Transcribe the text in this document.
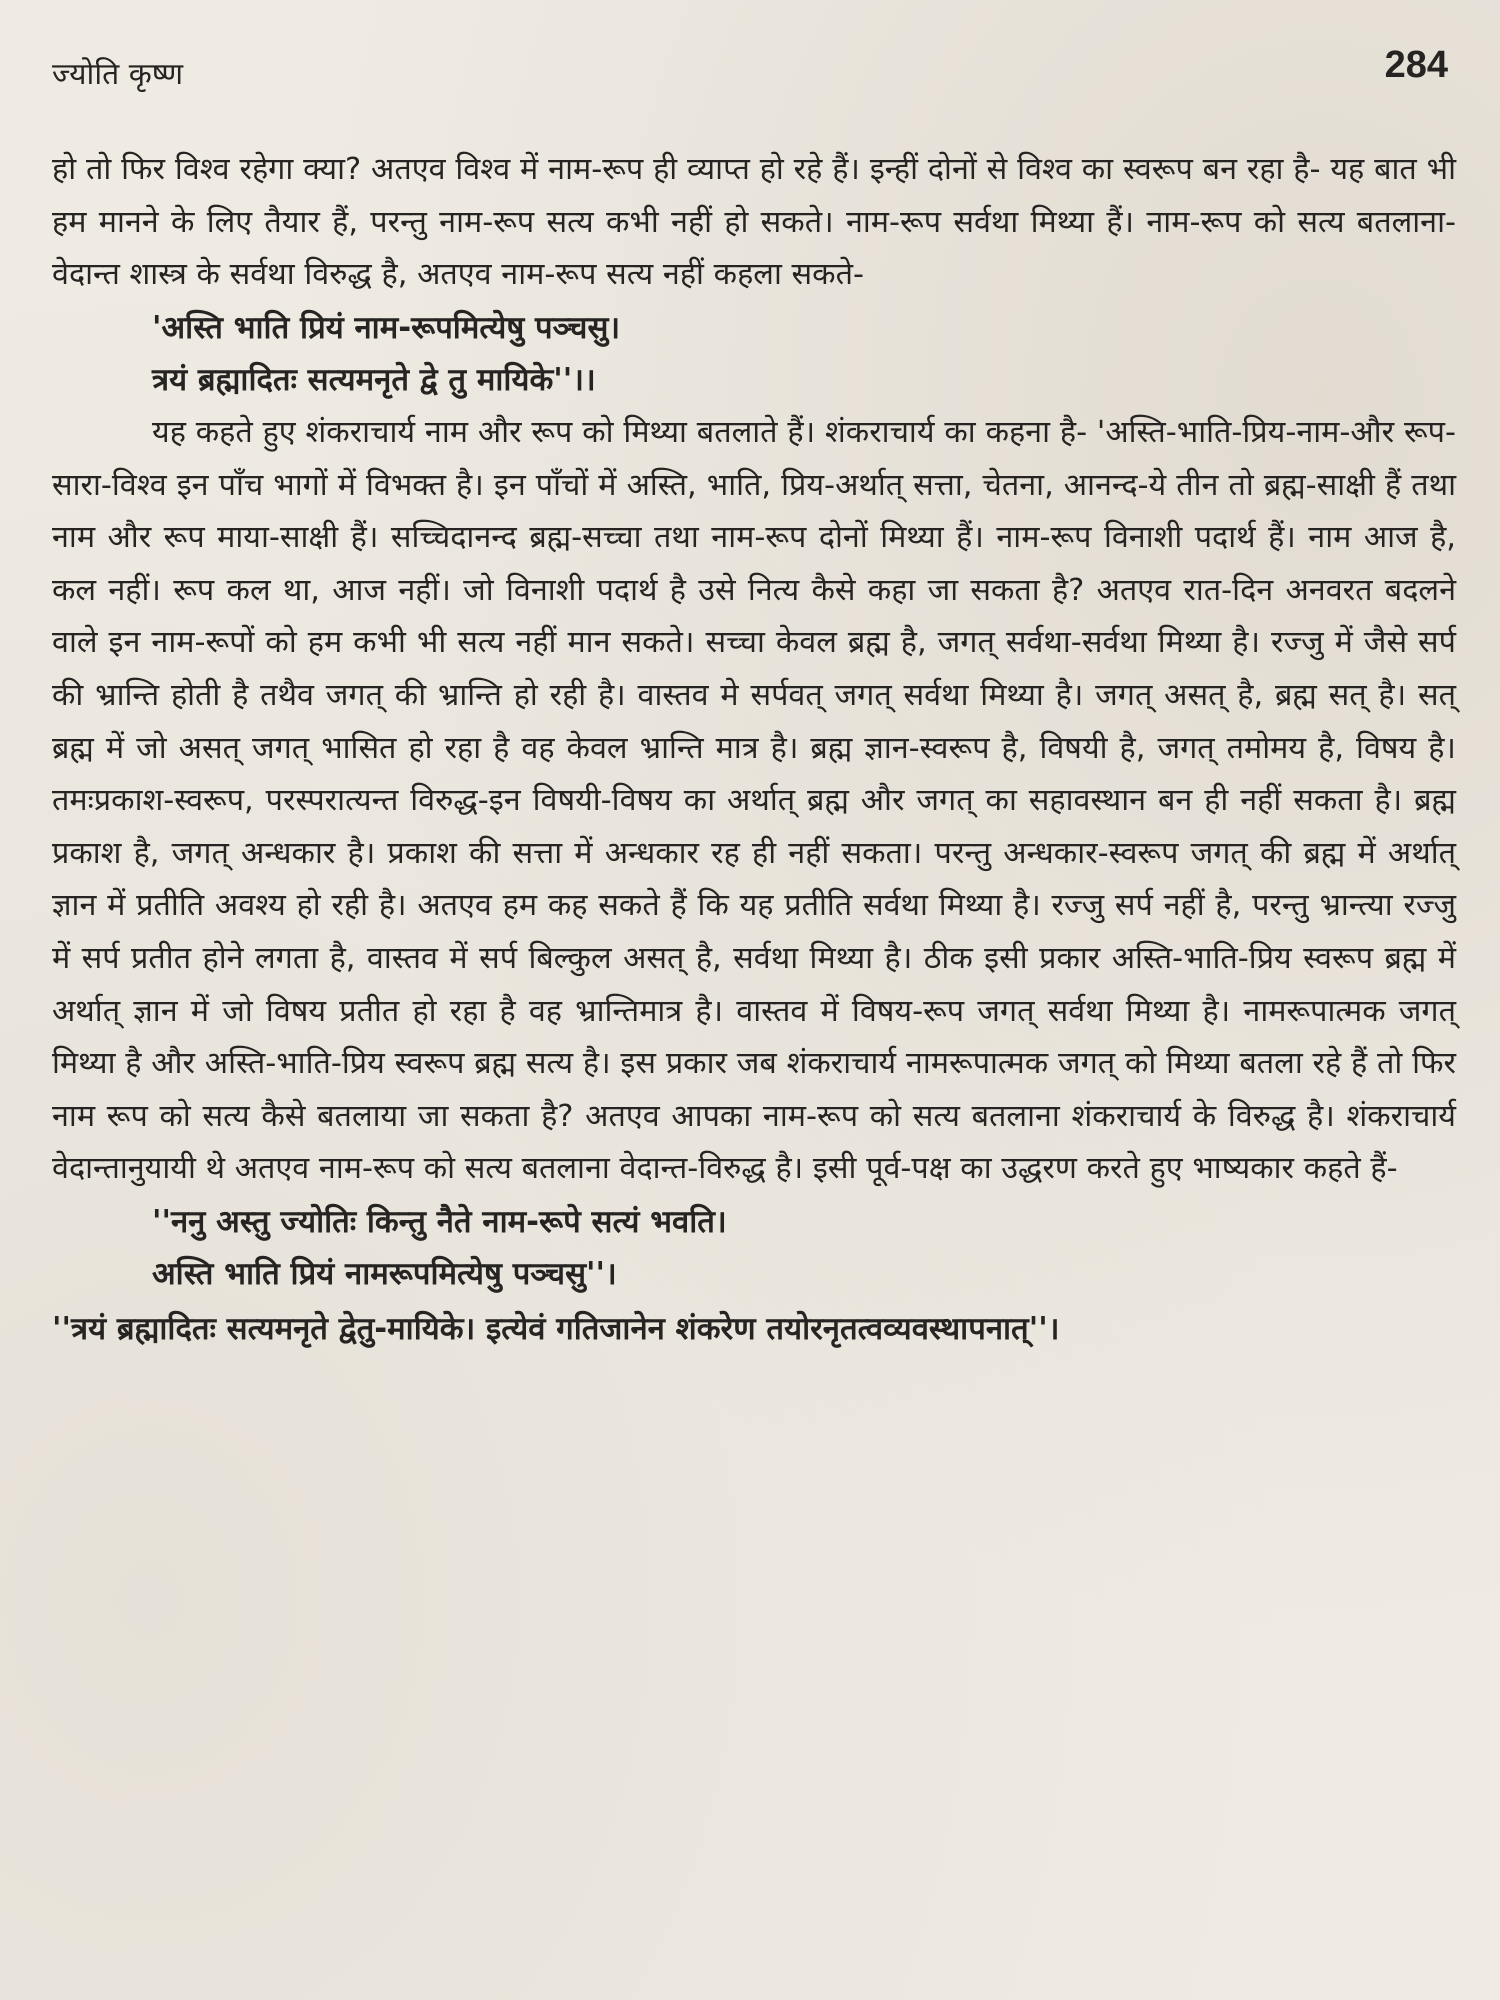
ज्योति कृष्ण	284

हो तो फिर विश्व रहेगा क्या? अतएव विश्व में नाम-रूप ही व्याप्त हो रहे हैं। इन्हीं दोनों से विश्व का स्वरूप बन रहा है- यह बात भी हम मानने के लिए तैयार हैं, परन्तु नाम-रूप सत्य कभी नहीं हो सकते। नाम-रूप सर्वथा मिथ्या हैं। नाम-रूप को सत्य बतलाना-वेदान्त शास्त्र के सर्वथा विरुद्ध है, अतएव नाम-रूप सत्य नहीं कहला सकते-

'अस्ति भाति प्रियं नाम-रूपमित्येषु पञ्चसु।
त्रयं ब्रह्मादितः सत्यमनृते द्वे तु मायिके''।।

यह कहते हुए शंकराचार्य नाम और रूप को मिथ्या बतलाते हैं। शंकराचार्य का कहना है- 'अस्ति-भाति-प्रिय-नाम-और रूप-सारा-विश्व इन पाँच भागों में विभक्त है। इन पाँचों में अस्ति, भाति, प्रिय-अर्थात् सत्ता, चेतना, आनन्द-ये तीन तो ब्रह्म-साक्षी हैं तथा नाम और रूप माया-साक्षी हैं। सच्चिदानन्द ब्रह्म-सच्चा तथा नाम-रूप दोनों मिथ्या हैं। नाम-रूप विनाशी पदार्थ हैं। नाम आज है, कल नहीं। रूप कल था, आज नहीं। जो विनाशी पदार्थ है उसे नित्य कैसे कहा जा सकता है? अतएव रात-दिन अनवरत बदलने वाले इन नाम-रूपों को हम कभी भी सत्य नहीं मान सकते। सच्चा केवल ब्रह्म है, जगत् सर्वथा-सर्वथा मिथ्या है। रज्जु में जैसे सर्प की भ्रान्ति होती है तथैव जगत् की भ्रान्ति हो रही है। वास्तव मे सर्पवत् जगत् सर्वथा मिथ्या है। जगत् असत् है, ब्रह्म सत् है। सत् ब्रह्म में जो असत् जगत् भासित हो रहा है वह केवल भ्रान्ति मात्र है। ब्रह्म ज्ञान-स्वरूप है, विषयी है, जगत् तमोमय है, विषय है। तमःप्रकाश-स्वरूप, परस्परात्यन्त विरुद्ध-इन विषयी-विषय का अर्थात् ब्रह्म और जगत् का सहावस्थान बन ही नहीं सकता है। ब्रह्म प्रकाश है, जगत् अन्धकार है। प्रकाश की सत्ता में अन्धकार रह ही नहीं सकता। परन्तु अन्धकार-स्वरूप जगत् की ब्रह्म में अर्थात् ज्ञान में प्रतीति अवश्य हो रही है। अतएव हम कह सकते हैं कि यह प्रतीति सर्वथा मिथ्या है। रज्जु सर्प नहीं है, परन्तु भ्रान्त्या रज्जु में सर्प प्रतीत होने लगता है, वास्तव में सर्प बिल्कुल असत् है, सर्वथा मिथ्या है। ठीक इसी प्रकार अस्ति-भाति-प्रिय स्वरूप ब्रह्म में अर्थात् ज्ञान में जो विषय प्रतीत हो रहा है वह भ्रान्तिमात्र है। वास्तव में विषय-रूप जगत् सर्वथा मिथ्या है। नामरूपात्मक जगत् मिथ्या है और अस्ति-भाति-प्रिय स्वरूप ब्रह्म सत्य है। इस प्रकार जब शंकराचार्य नामरूपात्मक जगत् को मिथ्या बतला रहे हैं तो फिर नाम रूप को सत्य कैसे बतलाया जा सकता है? अतएव आपका नाम-रूप को सत्य बतलाना शंकराचार्य के विरुद्ध है। शंकराचार्य वेदान्तानुयायी थे अतएव नाम-रूप को सत्य बतलाना वेदान्त-विरुद्ध है। इसी पूर्व-पक्ष का उद्धरण करते हुए भाष्यकार कहते हैं-

''ननु अस्तु ज्योतिः किन्तु नैते नाम-रूपे सत्यं भवति।
अस्ति भाति प्रियं नामरूपमित्येषु पञ्चसु''।

''त्रयं ब्रह्मादितः सत्यमनृते द्वेतु-मायिके। इत्येवं गतिजानेन शंकरेण तयोरनृतत्वव्यवस्थापनात्''।
